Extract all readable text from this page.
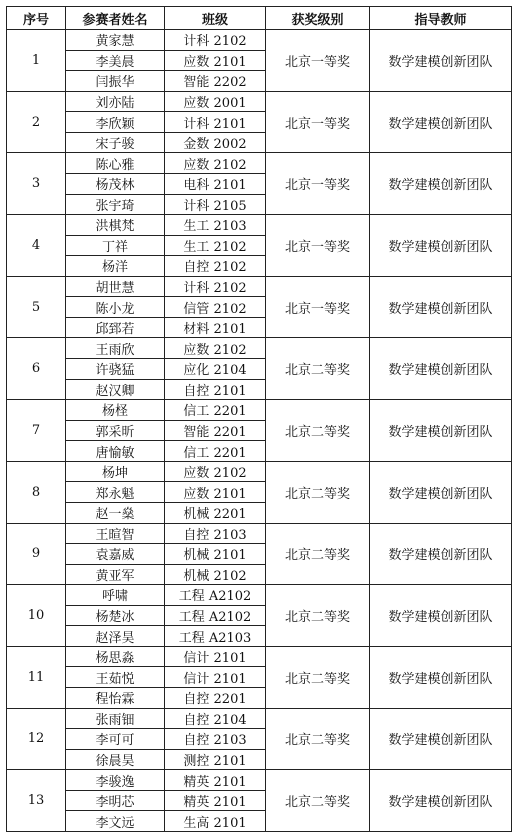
序号	参赛者姓名	班级	获奖级别	指导教师
1	黄家慧	计科 2102	北京一等奖	数学建模创新团队
	李美晨	应数 2101		
	闫振华	智能 2202		
2	刘亦陆	应数 2001	北京一等奖	数学建模创新团队
	李欣颖	计科 2101		
	宋子骏	金数 2002		
3	陈心雅	应数 2102	北京一等奖	数学建模创新团队
	杨茂林	电科 2101		
	张宇琦	计科 2105		
4	洪棋梵	生工 2103	北京一等奖	数学建模创新团队
	丁祥	生工 2102		
	杨洋	自控 2102		
5	胡世慧	计科 2102	北京一等奖	数学建模创新团队
	陈小龙	信管 2102		
	邱郅若	材料 2101		
6	王雨欣	应数 2102	北京二等奖	数学建模创新团队
	许骁猛	应化 2104		
	赵汉卿	自控 2101		
7	杨柽	信工 2201	北京二等奖	数学建模创新团队
	郭采昕	智能 2201		
	唐愉敏	信工 2201		
8	杨坤	应数 2102	北京二等奖	数学建模创新团队
	郑永魁	应数 2101		
	赵一燊	机械 2201		
9	王暄智	自控 2103	北京二等奖	数学建模创新团队
	袁嘉威	机械 2101		
	黄亚军	机械 2102		
10	呼啸	工程 A2102	北京二等奖	数学建模创新团队
	杨楚冰	工程 A2102		
	赵泽昊	工程 A2103		
11	杨思淼	信计 2101	北京二等奖	数学建模创新团队
	王茹悦	信计 2101		
	程怡霖	自控 2201		
12	张雨钿	自控 2104	北京二等奖	数学建模创新团队
	李可可	自控 2103		
	徐晨昊	测控 2101		
13	李骏逸	精英 2101	北京二等奖	数学建模创新团队
	李明芯	精英 2101		
	李文远	生高 2101		
